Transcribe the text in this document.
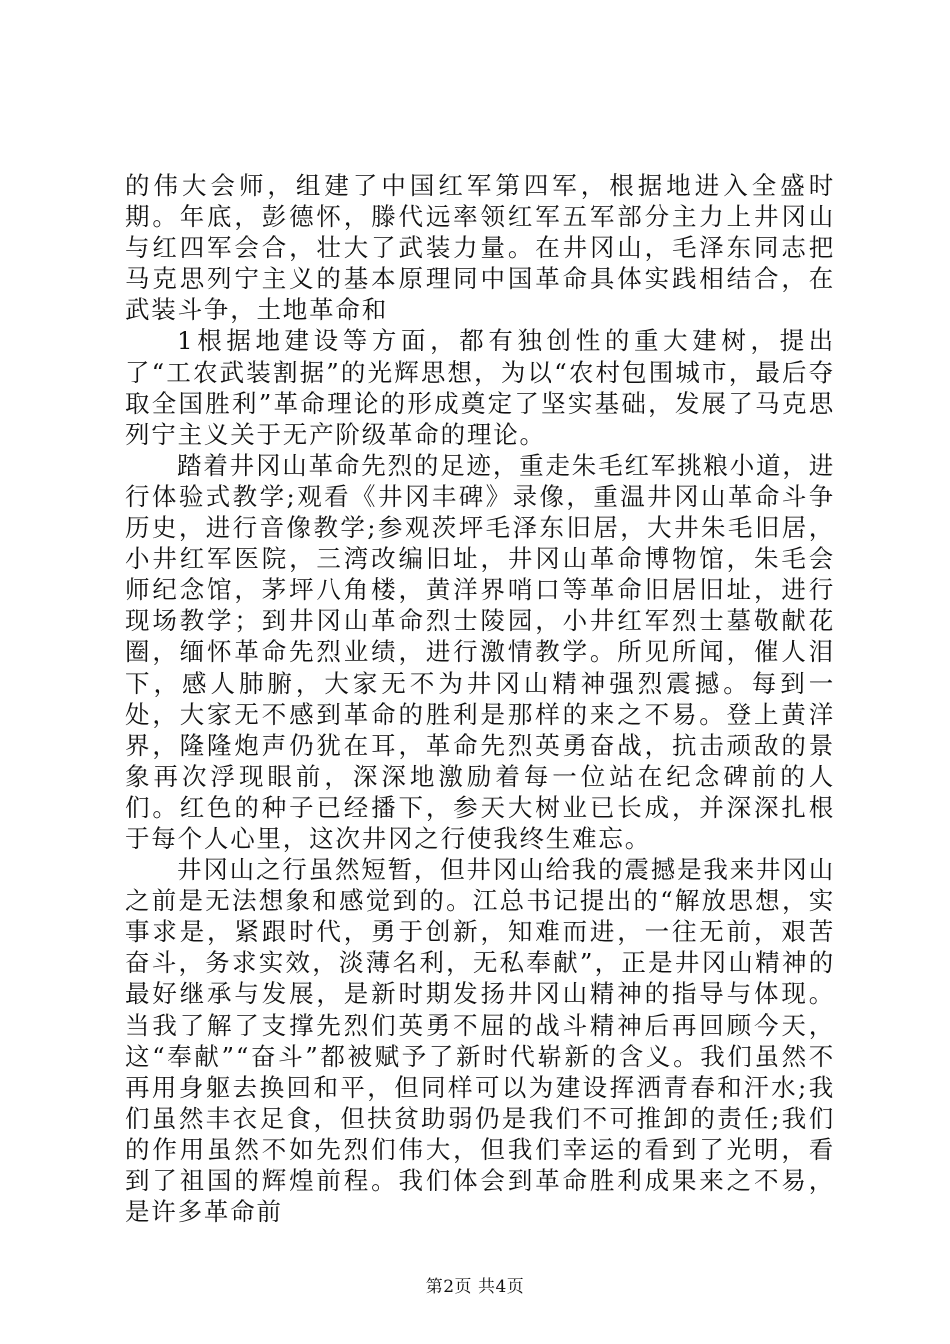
的伟大会师，组建了中国红军第四军，根据地进入全盛时期。年底，彭德怀，滕代远率领红军五军部分主力上井冈山与红四军会合，壮大了武装力量。在井冈山，毛泽东同志把马克思列宁主义的基本原理同中国革命具体实践相结合，在武装斗争，土地革命和

1根据地建设等方面，都有独创性的重大建树，提出了“工农武装割据”的光辉思想，为以“农村包围城市，最后夺取全国胜利”革命理论的形成奠定了坚实基础，发展了马克思列宁主义关于无产阶级革命的理论。

踏着井冈山革命先烈的足迹，重走朱毛红军挑粮小道，进行体验式教学;观看《井冈丰碑》录像，重温井冈山革命斗争历史，进行音像教学;参观茨坪毛泽东旧居，大井朱毛旧居，小井红军医院，三湾改编旧址，井冈山革命博物馆，朱毛会师纪念馆，茅坪八角楼，黄洋界哨口等革命旧居旧址，进行现场教学；到井冈山革命烈士陵园，小井红军烈士墓敬献花圈，缅怀革命先烈业绩，进行激情教学。所见所闻，催人泪下，感人肺腑，大家无不为井冈山精神强烈震撼。每到一处，大家无不感到革命的胜利是那样的来之不易。登上黄洋界，隆隆炮声仍犹在耳，革命先烈英勇奋战，抗击顽敌的景象再次浮现眼前，深深地激励着每一位站在纪念碑前的人们。红色的种子已经播下，参天大树业已长成，并深深扎根于每个人心里，这次井冈之行使我终生难忘。

井冈山之行虽然短暂，但井冈山给我的震撼是我来井冈山之前是无法想象和感觉到的。江总书记提出的“解放思想，实事求是，紧跟时代，勇于创新，知难而进，一往无前，艰苦奋斗，务求实效，淡薄名利，无私奉献”，正是井冈山精神的最好继承与发展，是新时期发扬井冈山精神的指导与体现。当我了解了支撑先烈们英勇不屈的战斗精神后再回顾今天，这“奉献”“奋斗”都被赋予了新时代崭新的含义。我们虽然不再用身躯去换回和平，但同样可以为建设挥洒青春和汗水;我们虽然丰衣足食，但扶贫助弱仍是我们不可推卸的责任;我们的作用虽然不如先烈们伟大，但我们幸运的看到了光明，看到了祖国的辉煌前程。我们体会到革命胜利成果来之不易，是许多革命前

第2页 共4页
